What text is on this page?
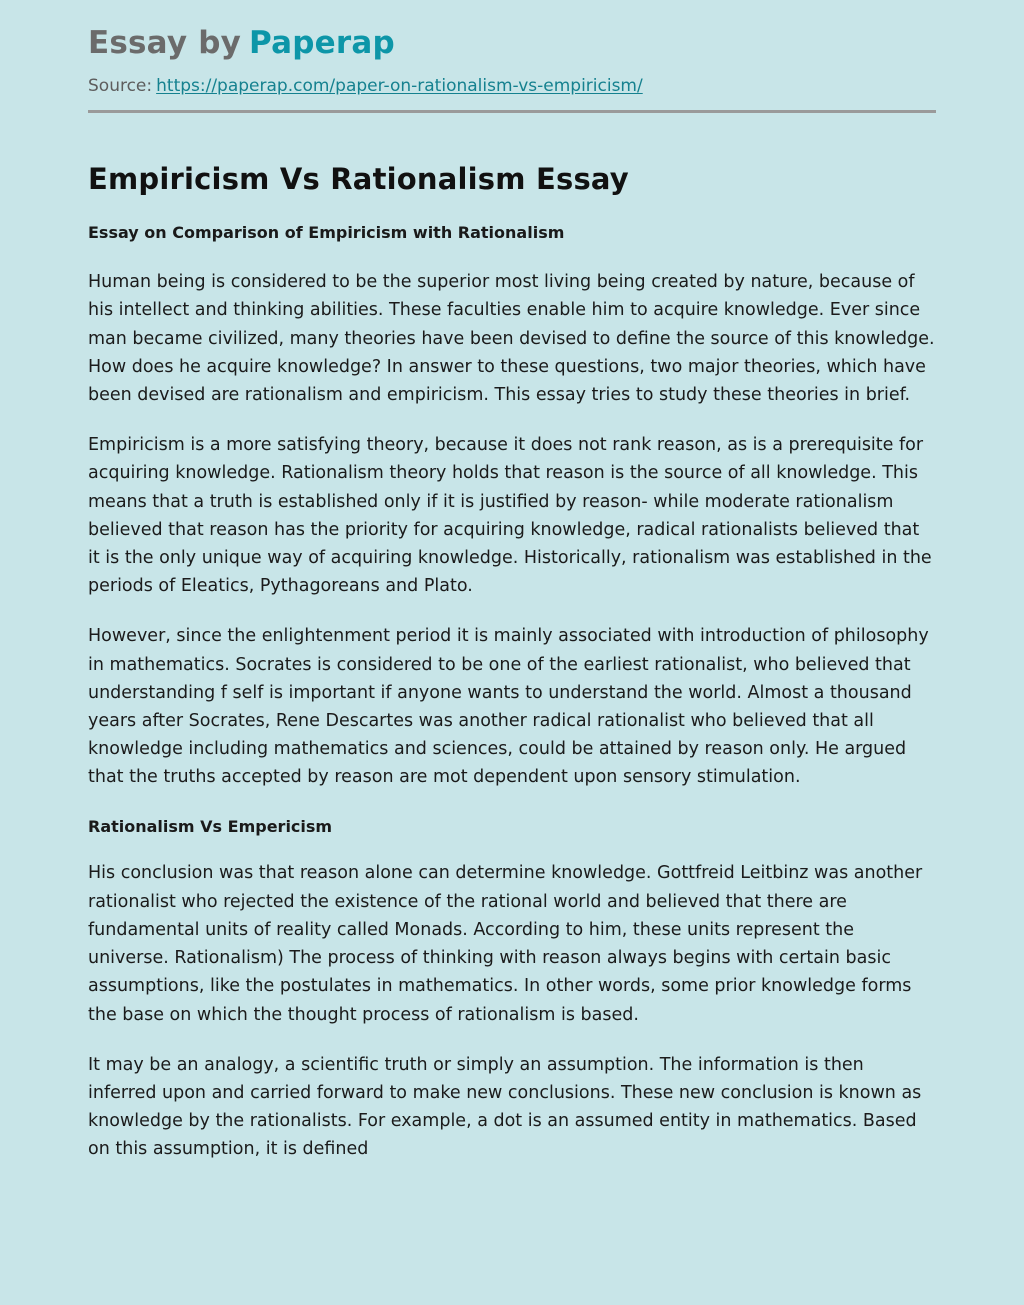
Essay by Paperap
Source: https://paperap.com/paper-on-rationalism-vs-empiricism/
Empiricism Vs Rationalism Essay
Essay on Comparison of Empiricism with Rationalism

Human being is considered to be the superior most living being created by nature, because of his intellect and thinking abilities. These faculties enable him to acquire knowledge. Ever since man became civilized, many theories have been devised to define the source of this knowledge. How does he acquire knowledge? In answer to these questions, two major theories, which have been devised are rationalism and empiricism. This essay tries to study these theories in brief.

Empiricism is a more satisfying theory, because it does not rank reason, as is a prerequisite for acquiring knowledge. Rationalism theory holds that reason is the source of all knowledge. This means that a truth is established only if it is justified by reason- while moderate rationalism believed that reason has the priority for acquiring knowledge, radical rationalists believed that it is the only unique way of acquiring knowledge. Historically, rationalism was established in the periods of Eleatics, Pythagoreans and Plato.

However, since the enlightenment period it is mainly associated with introduction of philosophy in mathematics. Socrates is considered to be one of the earliest rationalist, who believed that understanding f self is important if anyone wants to understand the world. Almost a thousand years after Socrates, Rene Descartes was another radical rationalist who believed that all knowledge including mathematics and sciences, could be attained by reason only. He argued that the truths accepted by reason are mot dependent upon sensory stimulation.

Rationalism Vs Empericism

His conclusion was that reason alone can determine knowledge. Gottfreid Leitbinz was another rationalist who rejected the existence of the rational world and believed that there are fundamental units of reality called Monads. According to him, these units represent the universe. Rationalism) The process of thinking with reason always begins with certain basic assumptions, like the postulates in mathematics. In other words, some prior knowledge forms the base on which the thought process of rationalism is based.

It may be an analogy, a scientific truth or simply an assumption. The information is then inferred upon and carried forward to make new conclusions. These new conclusion is known as knowledge by the rationalists. For example, a dot is an assumed entity in mathematics. Based on this assumption, it is defined
